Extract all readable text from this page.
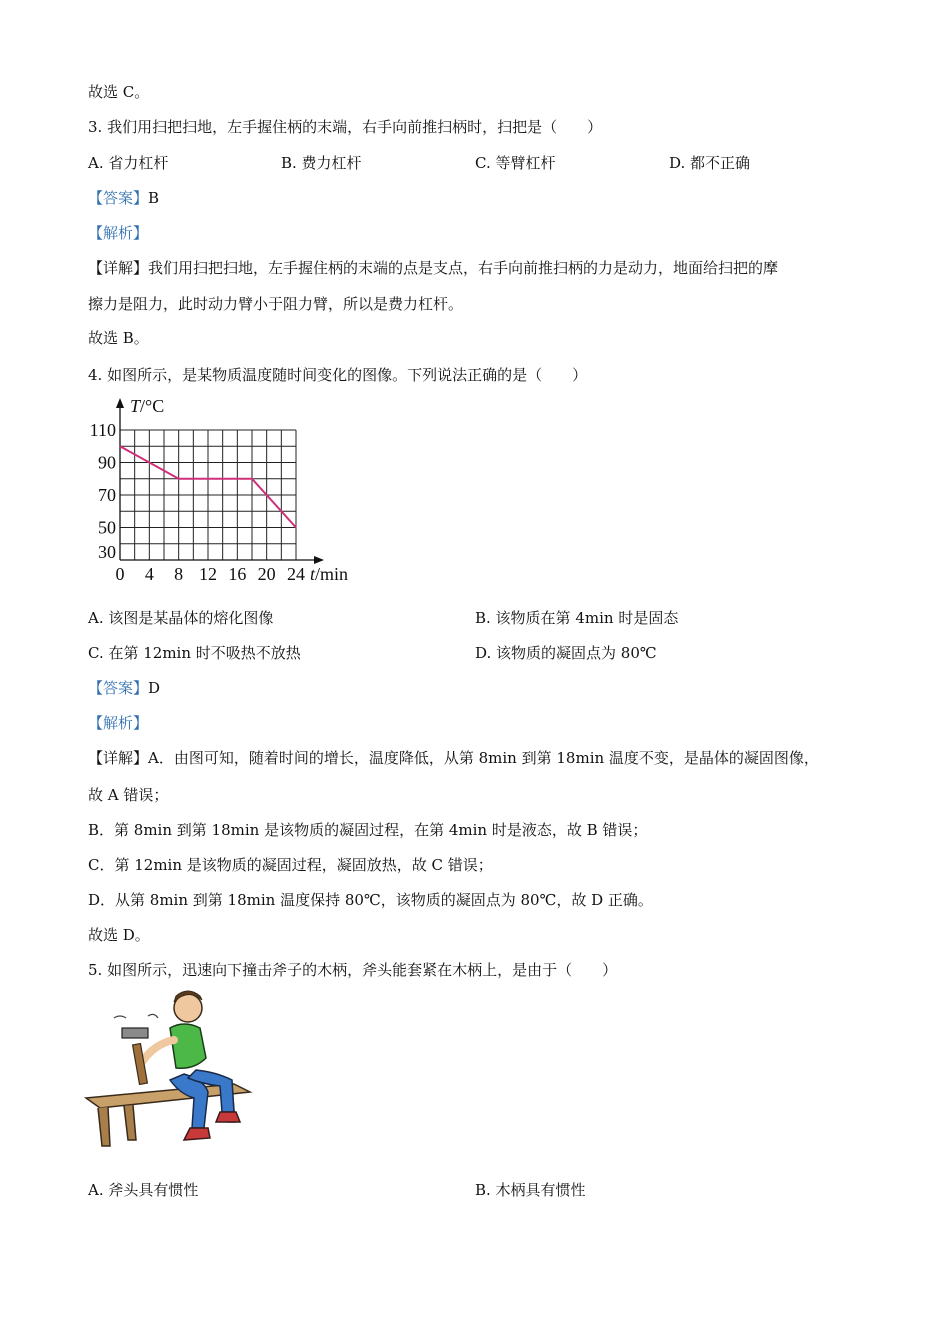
故选 C。
3. 我们用扫把扫地，左手握住柄的末端，右手向前推扫柄时，扫把是（　　）
A. 省力杠杆	B. 费力杠杆	C. 等臂杠杆	D. 都不正确
【答案】B
【解析】
【详解】我们用扫把扫地，左手握住柄的末端的点是支点，右手向前推扫柄的力是动力，地面给扫把的摩
擦力是阻力，此时动力臂小于阻力臂，所以是费力杠杆。
故选 B。
4. 如图所示，是某物质温度随时间变化的图像。下列说法正确的是（　　）
30
50
70
90
110
0 4 8 12 16 20 24
T/°C
t/min
A. 该图是某晶体的熔化图像	B. 该物质在第 4min 时是固态
C. 在第 12min 时不吸热不放热	D. 该物质的凝固点为 80℃
【答案】D
【解析】
【详解】A．由图可知，随着时间的增长，温度降低，从第 8min 到第 18min 温度不变，是晶体的凝固图像，
故 A 错误；
B．第 8min 到第 18min 是该物质的凝固过程，在第 4min 时是液态，故 B 错误；
C．第 12min 是该物质的凝固过程，凝固放热，故 C 错误；
D．从第 8min 到第 18min 温度保持 80℃，该物质的凝固点为 80℃，故 D 正确。
故选 D。
5. 如图所示，迅速向下撞击斧子的木柄，斧头能套紧在木柄上，是由于（　　）
A. 斧头具有惯性	B. 木柄具有惯性
